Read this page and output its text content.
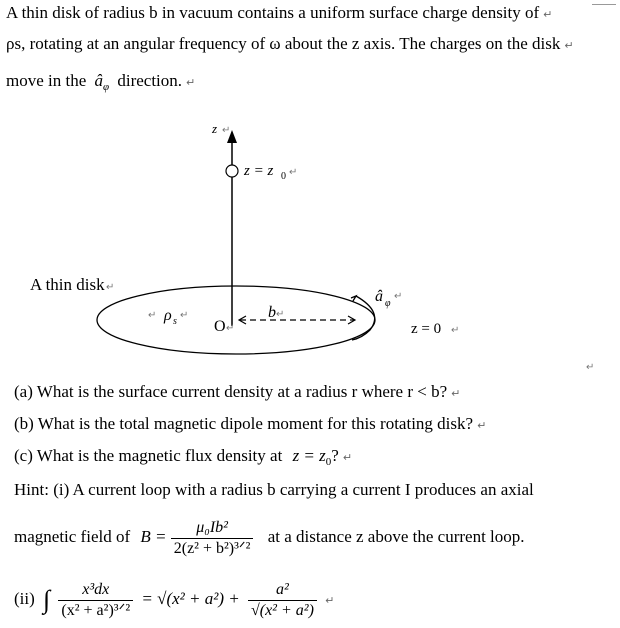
A thin disk of radius b in vacuum contains a uniform surface charge density of ↵
ρs, rotating at an angular frequency of ω about the z axis. The charges on the disk ↵
move in the $â_\varphi$ direction. ↵
z ↵
z = z 0 ↵
A thin disk ↵
↵ ρ s
↵
O ↵
b ↵
â φ
↵
z = 0 ↵
↵
(a) What is the surface current density at a radius r where r < b? ↵
(b) What is the total magnetic dipole moment for this rotating disk? ↵
(c) What is the magnetic flux density at $z = z_0$? ↵
Hint: (i) A current loop with a radius b carrying a current I produces an axial
magnetic field of $B = \frac{\text{μ₀Ib²}}{\text{2(z² + b²)³ᐟ²}}$ at a distance z above the current loop.
(ii) ∫ $\frac{\text{x³dx}}{\text{(x² + a²)³ᐟ²}} = √(x^2 + a^2) + \frac{\text{a²}}{\text{√(x² + a²)}}$ ↵
